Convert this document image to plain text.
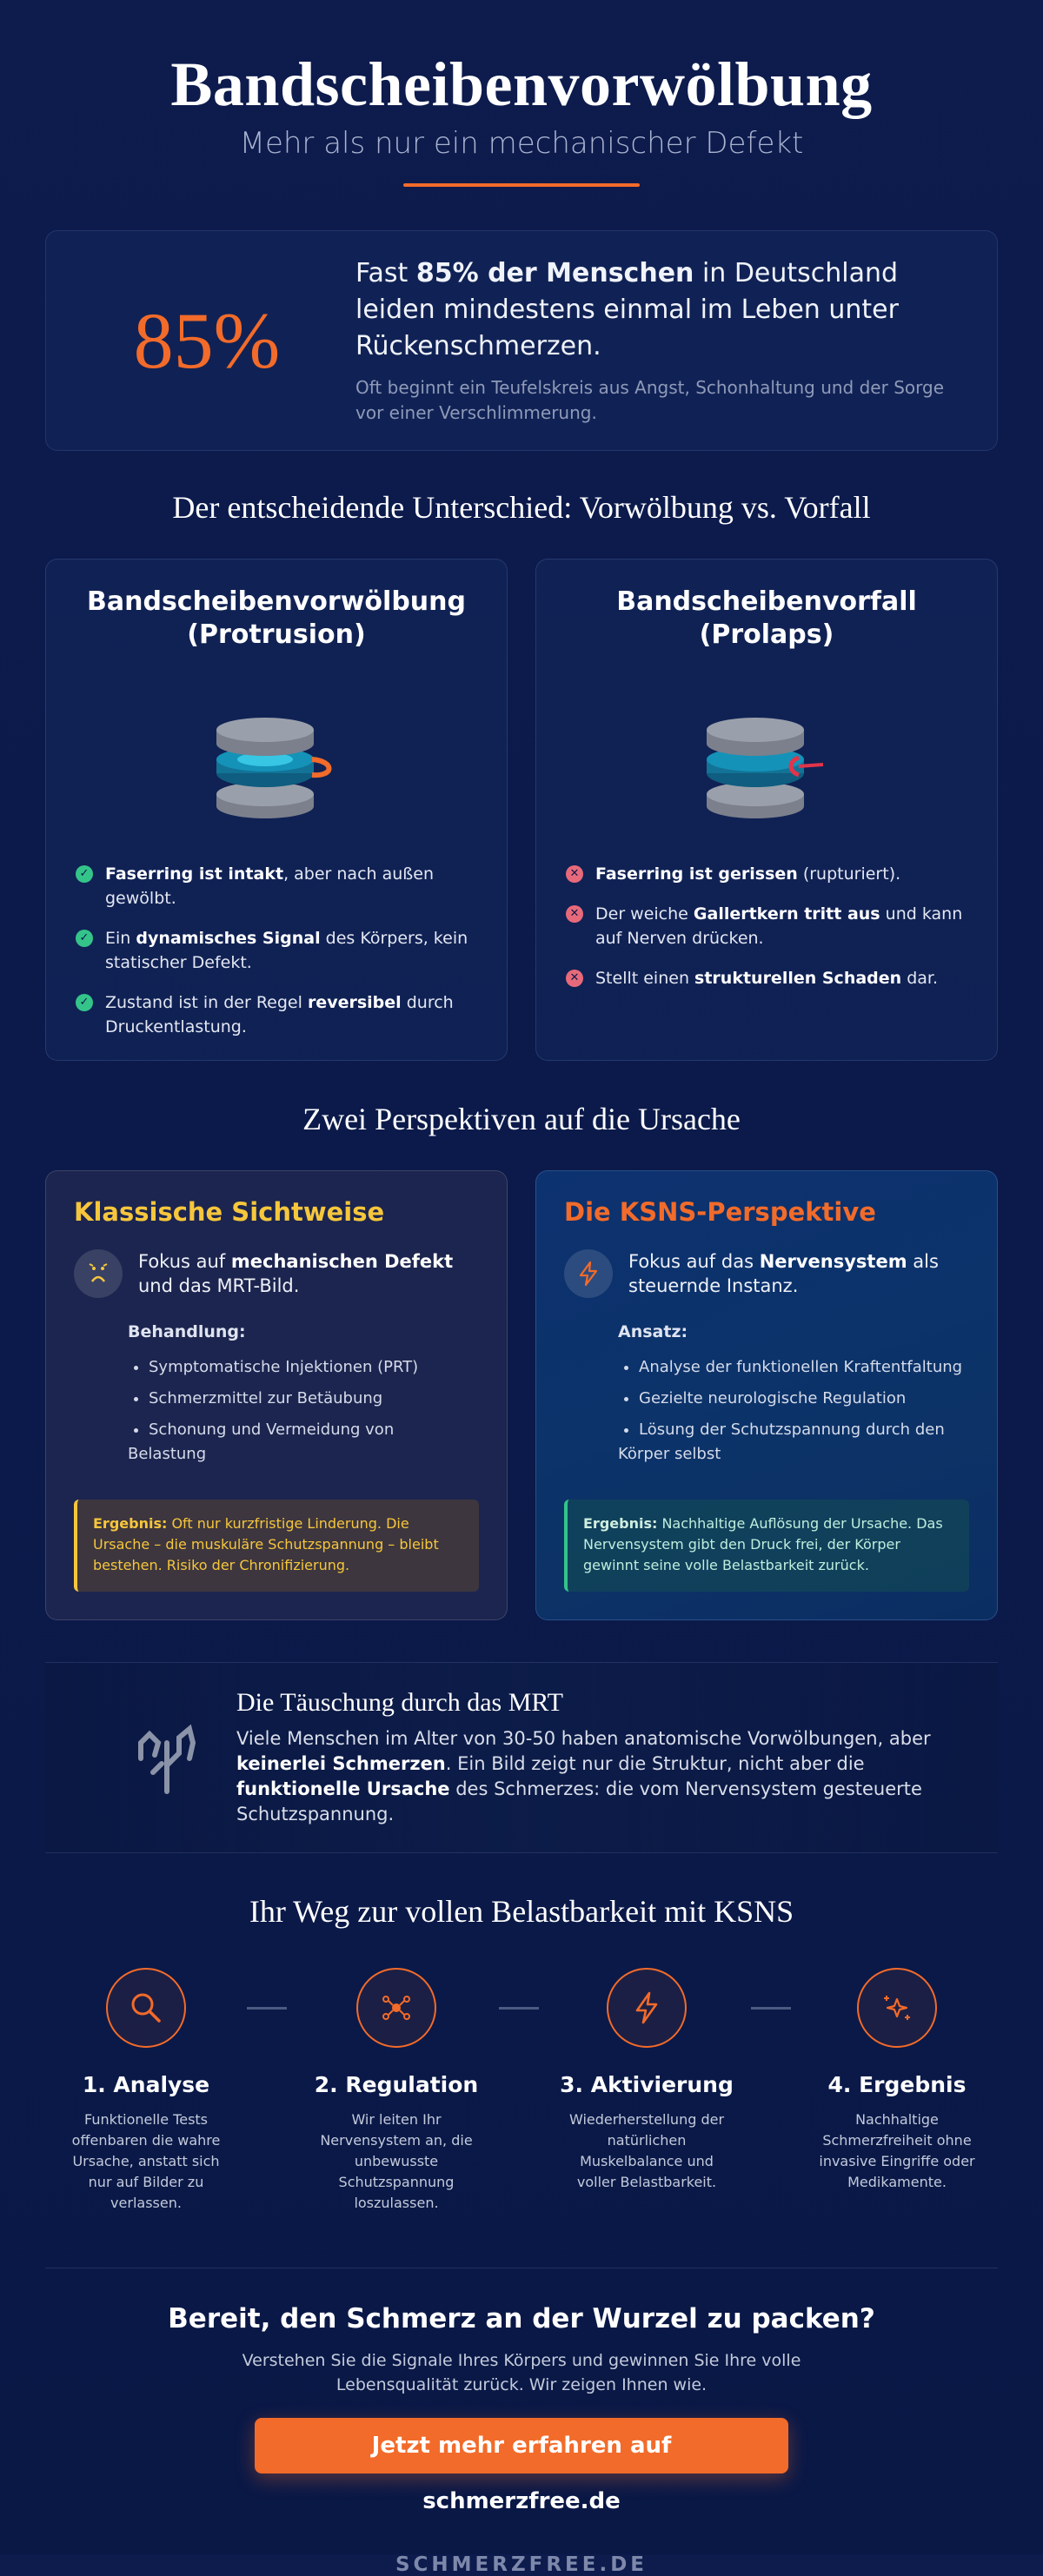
Bandscheibenvorwölbung
Mehr als nur ein mechanischer Defekt
85%
Fast 85% der Menschen in Deutschland leiden mindestens einmal im Leben unter Rückenschmerzen.
Oft beginnt ein Teufelskreis aus Angst, Schonhaltung und der Sorge vor einer Verschlimmerung.
Der entscheidende Unterschied: Vorwölbung vs. Vorfall
Bandscheibenvorwölbung
(Protrusion)
✓ Faserring ist intakt, aber nach außen gewölbt.
✓ Ein dynamisches Signal des Körpers, kein statischer Defekt.
✓ Zustand ist in der Regel reversibel durch Druckentlastung.
Bandscheibenvorfall
(Prolaps)
✕ Faserring ist gerissen (rupturiert).
✕ Der weiche Gallertkern tritt aus und kann auf Nerven drücken.
✕ Stellt einen strukturellen Schaden dar.
Zwei Perspektiven auf die Ursache
Klassische Sichtweise

Fokus auf mechanischen Defekt und das MRT-Bild.

Behandlung:
• Symptomatische Injektionen (PRT)
• Schmerzmittel zur Betäubung
• Schonung und Vermeidung von
Belastung
Ergebnis: Oft nur kurzfristige Linderung. Die Ursache – die muskuläre Schutzspannung – bleibt bestehen. Risiko der Chronifizierung.
Die KSNS-Perspektive

Fokus auf das Nervensystem als steuernde Instanz.

Ansatz:
• Analyse der funktionellen Kraftentfaltung
• Gezielte neurologische Regulation
• Lösung der Schutzspannung durch den
Körper selbst
Ergebnis: Nachhaltige Auflösung der Ursache. Das Nervensystem gibt den Druck frei, der Körper gewinnt seine volle Belastbarkeit zurück.
Die Täuschung durch das MRT

Viele Menschen im Alter von 30-50 haben anatomische Vorwölbungen, aber keinerlei Schmerzen. Ein Bild zeigt nur die Struktur, nicht aber die funktionelle Ursache des Schmerzes: die vom Nervensystem gesteuerte Schutzspannung.

Ihr Weg zur vollen Belastbarkeit mit KSNS
1. Analyse

Funktionelle Tests offenbaren die wahre Ursache, anstatt sich nur auf Bilder zu verlassen.

2. Regulation

Wir leiten Ihr Nervensystem an, die unbewusste Schutzspannung loszulassen.

3. Aktivierung

Wiederherstellung der natürlichen Muskelbalance und voller Belastbarkeit.

4. Ergebnis

Nachhaltige Schmerzfreiheit ohne invasive Eingriffe oder Medikamente.

Bereit, den Schmerz an der Wurzel zu packen?

Verstehen Sie die Signale Ihres Körpers und gewinnen Sie Ihre volle Lebensqualität zurück. Wir zeigen Ihnen wie.

Jetzt mehr erfahren auf schmerzfree.de
SCHMERZFREE.DE
